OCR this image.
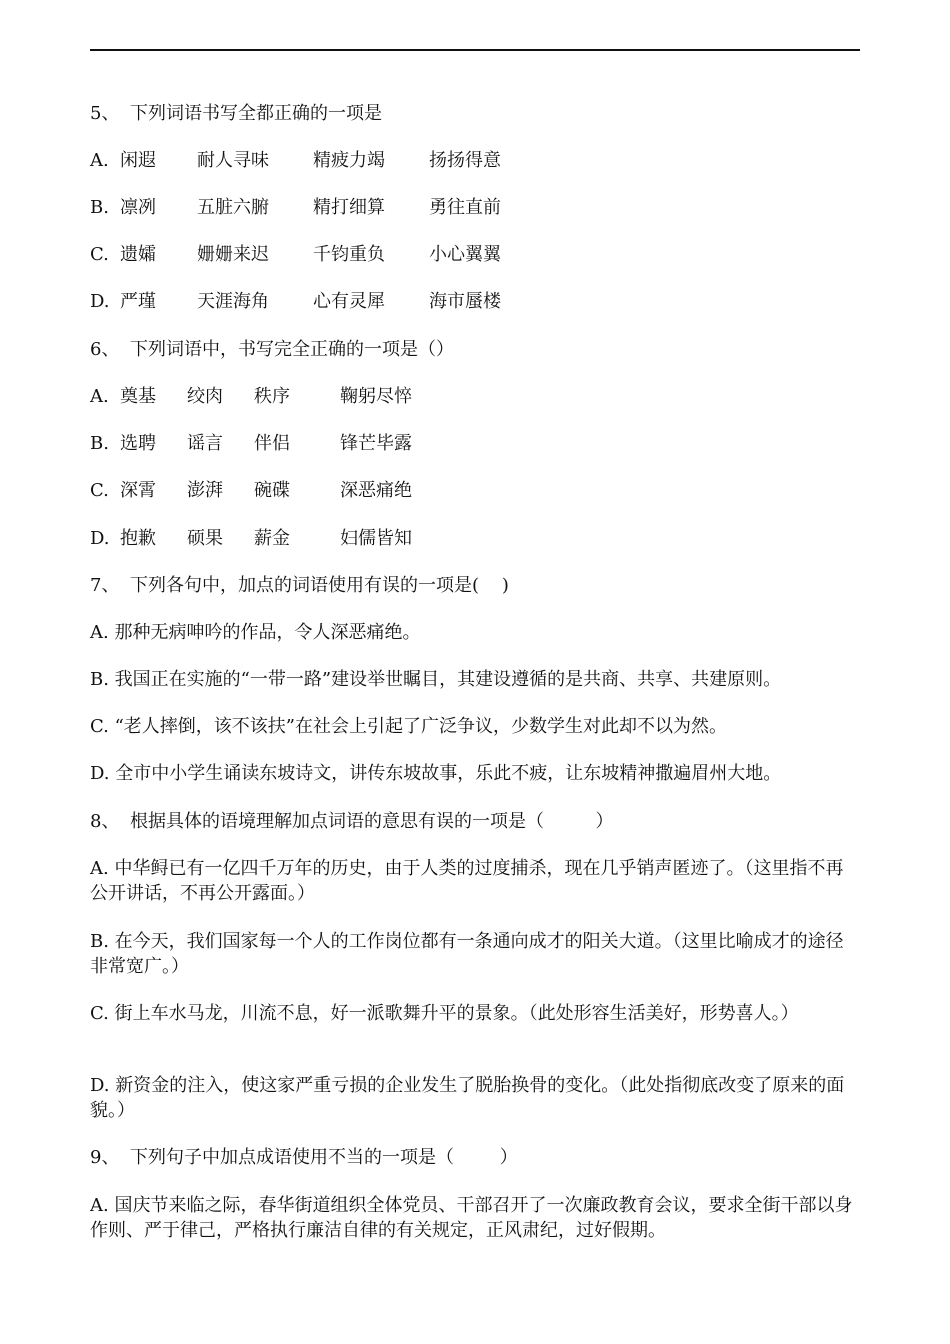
5、 下列词语书写全都正确的一项是
A. 闲遐 耐人寻味 精疲力竭 扬扬得意
B. 凛冽 五脏六腑 精打细算 勇往直前
C. 遗孀 姗姗来迟 千钧重负 小心翼翼
D. 严瑾 天涯海角 心有灵犀 海市蜃楼
6、 下列词语中，书写完全正确的一项是（）
A. 奠基 绞肉 秩序	鞠躬尽悴
B. 选聘 谣言 伴侣	锋芒毕露
C. 深霄 澎湃 碗碟	深恶痛绝
D. 抱歉 硕果 薪金	妇儒皆知
7、 下列各句中，加点的词语使用有误的一项是(    )
A. 那种无病呻吟的作品，令人深恶痛绝。
B. 我国正在实施的“一带一路”建设举世瞩目，其建设遵循的是共商、共享、共建原则。
C. “老人摔倒，该不该扶”在社会上引起了广泛争议，少数学生对此却不以为然。
D. 全市中小学生诵读东坡诗文，讲传东坡故事，乐此不疲，让东坡精神撒遍眉州大地。
8、 根据具体的语境理解加点词语的意思有误的一项是（         ）
A. 中华鲟已有一亿四千万年的历史，由于人类的过度捕杀，现在几乎销声匿迹了。（这里指不再公开讲话，不再公开露面。）
B. 在今天，我们国家每一个人的工作岗位都有一条通向成才的阳关大道。（这里比喻成才的途径非常宽广。）
C. 街上车水马龙，川流不息，好一派歌舞升平的景象。（此处形容生活美好，形势喜人。）
D. 新资金的注入，使这家严重亏损的企业发生了脱胎换骨的变化。（此处指彻底改变了原来的面貌。）
9、 下列句子中加点成语使用不当的一项是（        ）
A. 国庆节来临之际，春华街道组织全体党员、干部召开了一次廉政教育会议，要求全街干部以身作则、严于律己，严格执行廉洁自律的有关规定，正风肃纪，过好假期。
